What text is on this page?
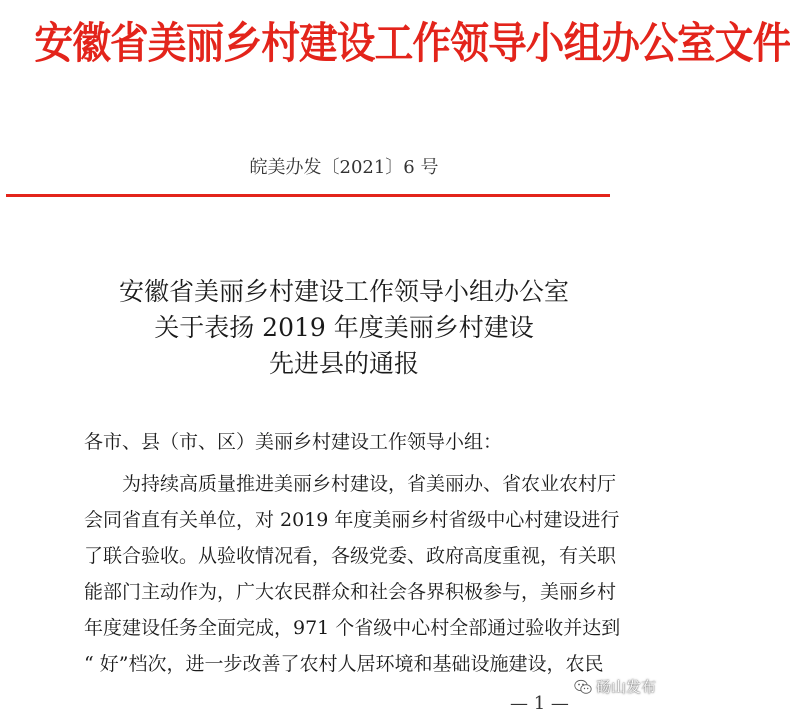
安徽省美丽乡村建设工作领导小组办公室文件
皖美办发〔2021〕6 号
安徽省美丽乡村建设工作领导小组办公室
关于表扬 2019 年度美丽乡村建设
先进县的通报
各市、县（市、区）美丽乡村建设工作领导小组：
为持续高质量推进美丽乡村建设，省美丽办、省农业农村厅
会同省直有关单位，对 2019 年度美丽乡村省级中心村建设进行
了联合验收。从验收情况看，各级党委、政府高度重视，有关职
能部门主动作为，广大农民群众和社会各界积极参与，美丽乡村
年度建设任务全面完成，971 个省级中心村全部通过验收并达到
“ 好”档次，进一步改善了农村人居环境和基础设施建设，农民
— 1 —
砀山发布
